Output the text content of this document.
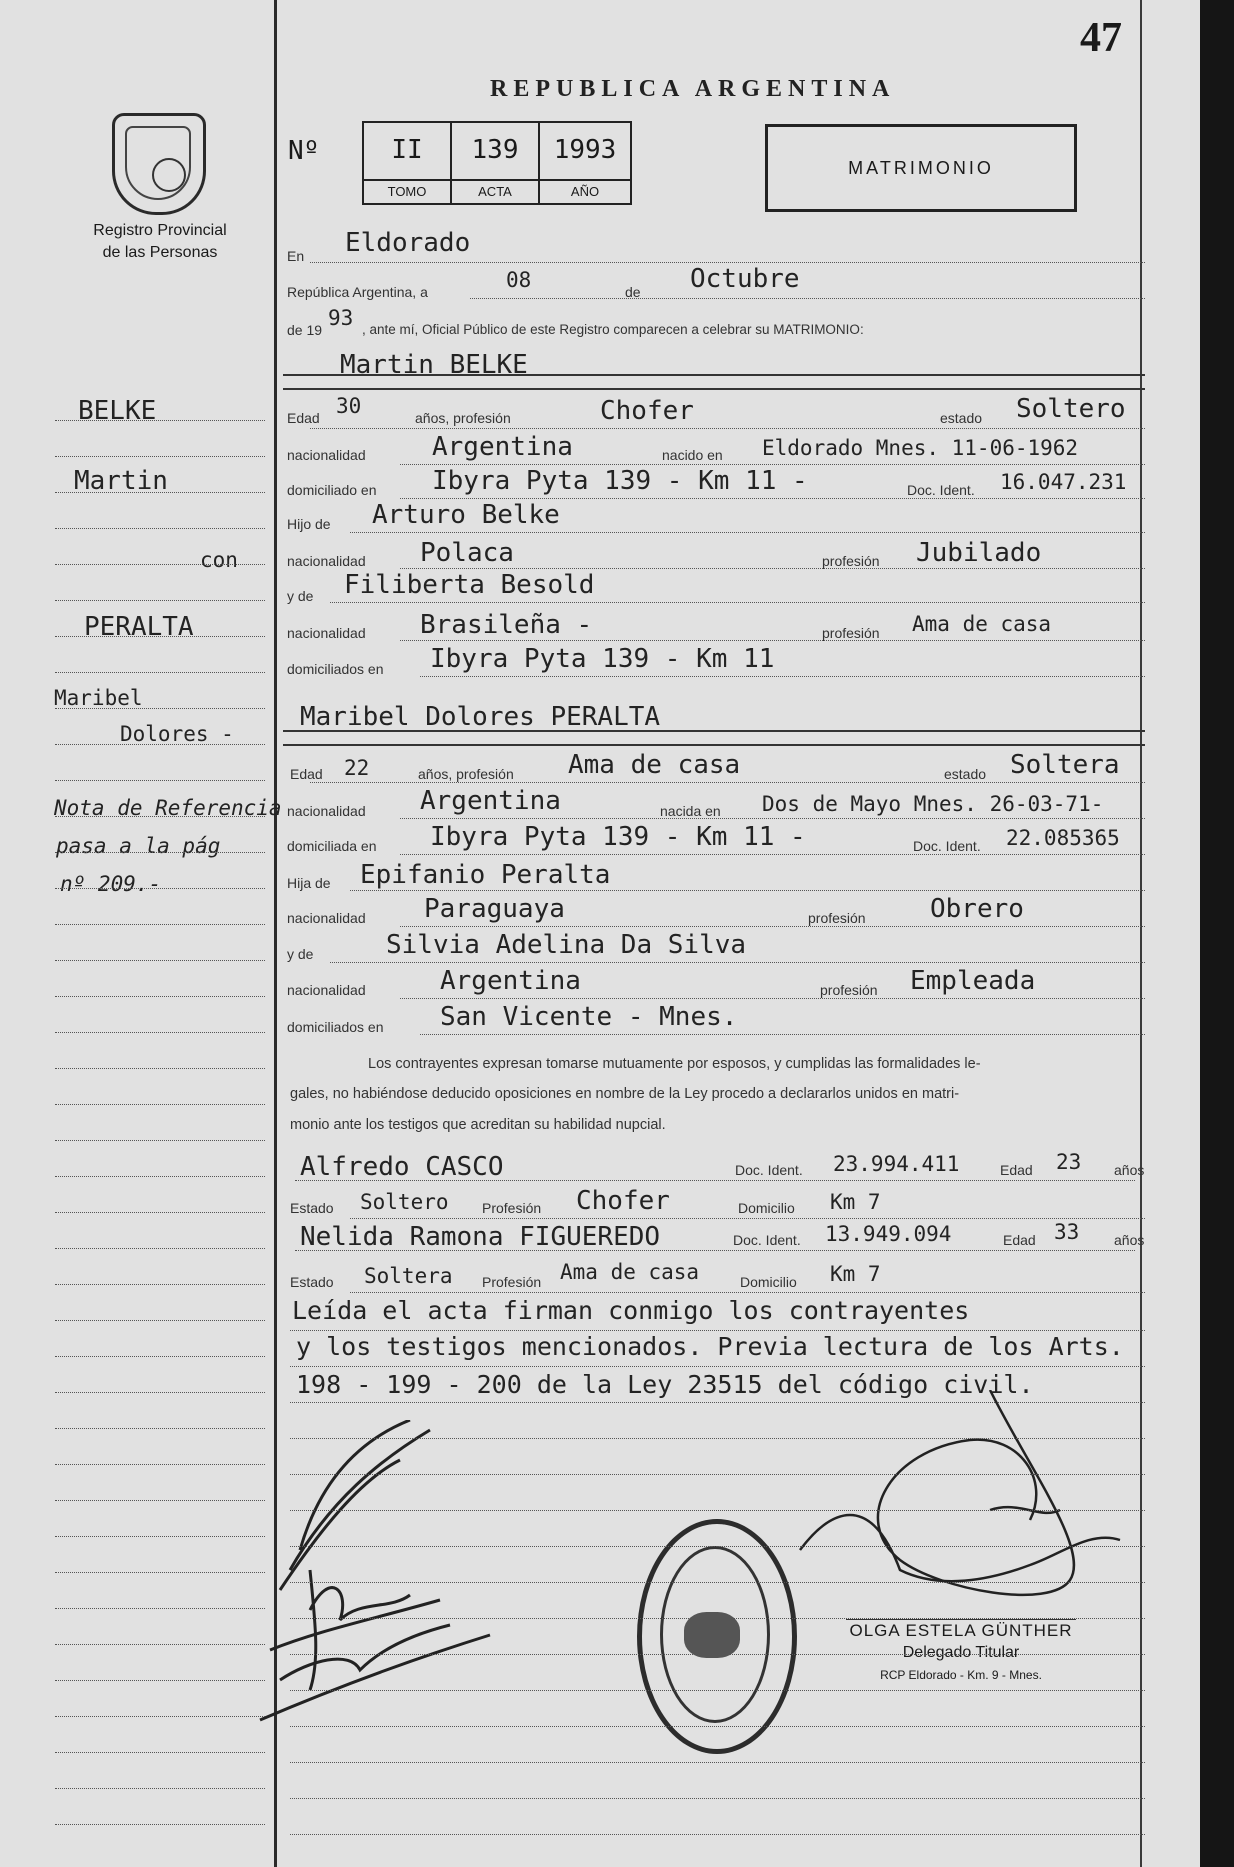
47
REPUBLICA ARGENTINA
Registro Provincial
de las Personas
Nº	II
TOMO
139
ACTA
1993
AÑO
MATRIMONIO
BELKE
Martin
con
PERALTA
Maribel
Dolores -
Nota de Referencia
pasa a la pág
nº 209.-
En Eldorado
República Argentina, a	08	de Octubre
de 19 93 , ante mí, Oficial Público de este Registro comparecen a celebrar su MATRIMONIO:
Martin BELKE
Edad 30	años, profesión	Chofer	estado Soltero
nacionalidad	Argentina	nacido en Eldorado Mnes. 11-06-1962
domiciliado en Ibyra Pyta 139 - Km 11 -	Doc. Ident. 16.047.231
Hijo de Arturo Belke
nacionalidad Polaca	profesión Jubilado
y de Filiberta Besold
nacionalidad Brasileña -	profesión Ama de casa
domiciliados en Ibyra Pyta 139 - Km 11
Maribel Dolores PERALTA
Edad 22	años, profesión Ama de casa	estado Soltera
nacionalidad Argentina	nacida en Dos de Mayo Mnes. 26-03-71-
domiciliada en Ibyra Pyta 139 - Km 11 -	Doc. Ident. 22.085365
Hija de Epifanio Peralta
nacionalidad Paraguaya	profesión Obrero
y de	Silvia Adelina Da Silva
nacionalidad	Argentina	profesión Empleada
domiciliados en San Vicente - Mnes.
Los contrayentes expresan tomarse mutuamente por esposos, y cumplidas las formalidades le-
gales, no habiéndose deducido oposiciones en nombre de la Ley procedo a declararlos unidos en matri-
monio ante los testigos que acreditan su habilidad nupcial.
Alfredo CASCO	Doc. Ident. 23.994.411	Edad 23 años
Estado Soltero Profesión Chofer	Domicilio Km 7
Nelida Ramona FIGUEREDO	Doc. Ident. 13.949.094	Edad 33 años
Estado Soltera Profesión Ama de casa	Domicilio Km 7
Leída el acta firman conmigo los contrayentes
y los testigos mencionados. Previa lectura de los Arts.
198 - 199 - 200 de la Ley 23515 del código civil.
OLGA ESTELA GÜNTHER
Delegado Titular
RCP Eldorado - Km. 9 - Mnes.
